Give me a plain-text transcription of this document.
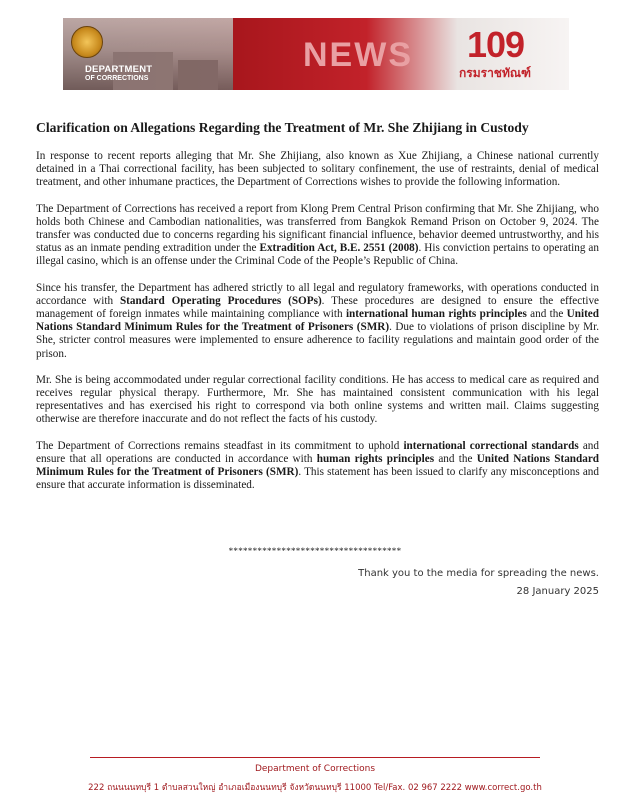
DEPARTMENT
OF CORRECTIONS
NEWS 109
กรมราชทัณฑ์
Clarification on Allegations Regarding the Treatment of Mr. She Zhijiang in Custody

In response to recent reports alleging that Mr. She Zhijiang, also known as Xue Zhijiang, a Chinese national currently detained in a Thai correctional facility, has been subjected to solitary confinement, the use of restraints, denial of medical treatment, and other inhumane practices, the Department of Corrections wishes to provide the following information.

The Department of Corrections has received a report from Klong Prem Central Prison confirming that Mr. She Zhijiang, who holds both Chinese and Cambodian nationalities, was transferred from Bangkok Remand Prison on October 9, 2024. The transfer was conducted due to concerns regarding his significant financial influence, behavior deemed untrustworthy, and his status as an inmate pending extradition under the Extradition Act, B.E. 2551 (2008). His conviction pertains to operating an illegal casino, which is an offense under the Criminal Code of the People’s Republic of China.

Since his transfer, the Department has adhered strictly to all legal and regulatory frameworks, with operations conducted in accordance with Standard Operating Procedures (SOPs). These procedures are designed to ensure the effective management of foreign inmates while maintaining compliance with international human rights principles and the United Nations Standard Minimum Rules for the Treatment of Prisoners (SMR). Due to violations of prison discipline by Mr. She, stricter control measures were implemented to ensure adherence to facility regulations and maintain good order of the prison.

Mr. She is being accommodated under regular correctional facility conditions. He has access to medical care as required and receives regular physical therapy. Furthermore, Mr. She has maintained consistent communication with his legal representatives and has exercised his right to correspond via both online systems and written mail. Claims suggesting otherwise are therefore inaccurate and do not reflect the facts of his custody.

The Department of Corrections remains steadfast in its commitment to uphold international correctional standards and ensure that all operations are conducted in accordance with human rights principles and the United Nations Standard Minimum Rules for the Treatment of Prisoners (SMR). This statement has been issued to clarify any misconceptions and ensure that accurate information is disseminated.

************************************
Thank you to the media for spreading the news.
28 January 2025
Department of Corrections
222 ถนนนนทบุรี 1 ตำบลสวนใหญ่ อำเภอเมืองนนทบุรี จังหวัดนนทบุรี 11000 Tel/Fax. 02 967 2222 www.correct.go.th
